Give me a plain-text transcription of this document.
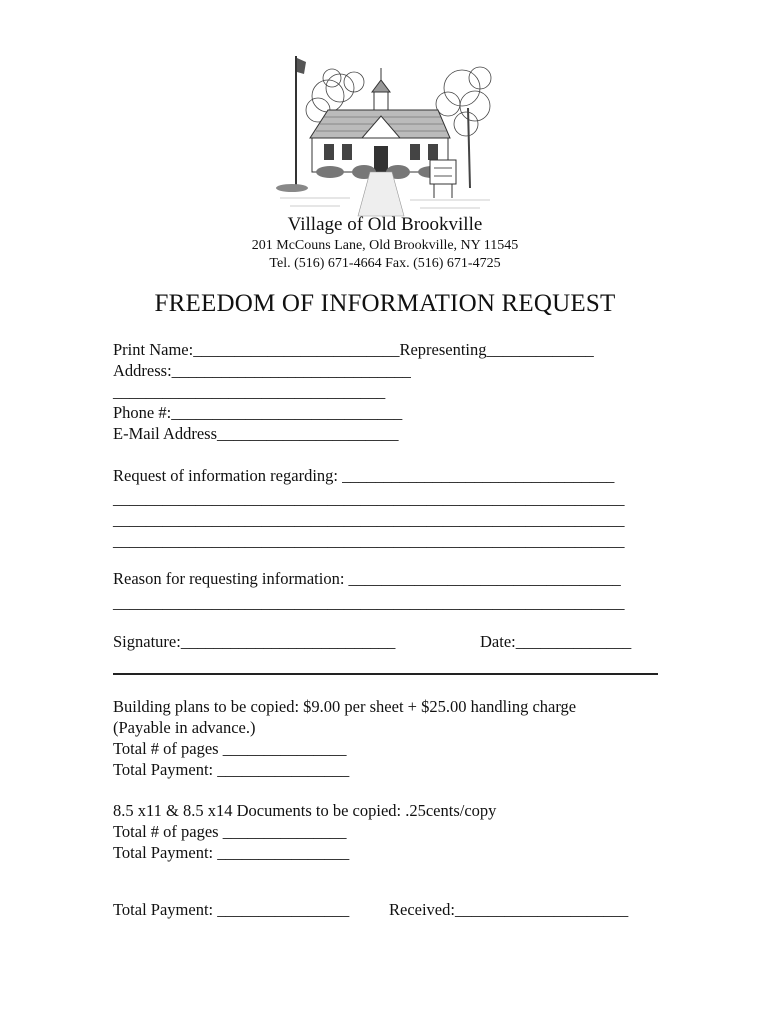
Village of Old Brookville
201 McCouns Lane, Old Brookville, NY 11545
Tel. (516) 671-4664 Fax. (516) 671-4725
FREEDOM OF INFORMATION REQUEST
Print Name:_________________________Representing_____________
Address:_____________________________
_________________________________
Phone #:____________________________
E-Mail Address______________________
Request of information regarding: _________________________________
______________________________________________________________
______________________________________________________________
______________________________________________________________
Reason for requesting information: _________________________________
______________________________________________________________
Signature:__________________________	Date:______________
Building plans to be copied: $9.00 per sheet + $25.00 handling charge
(Payable in advance.)
Total # of pages _______________
Total Payment: ________________
8.5 x11 & 8.5 x14 Documents to be copied: .25cents/copy
Total # of pages _______________
Total Payment: ________________
Total Payment: ________________ Received:_____________________
